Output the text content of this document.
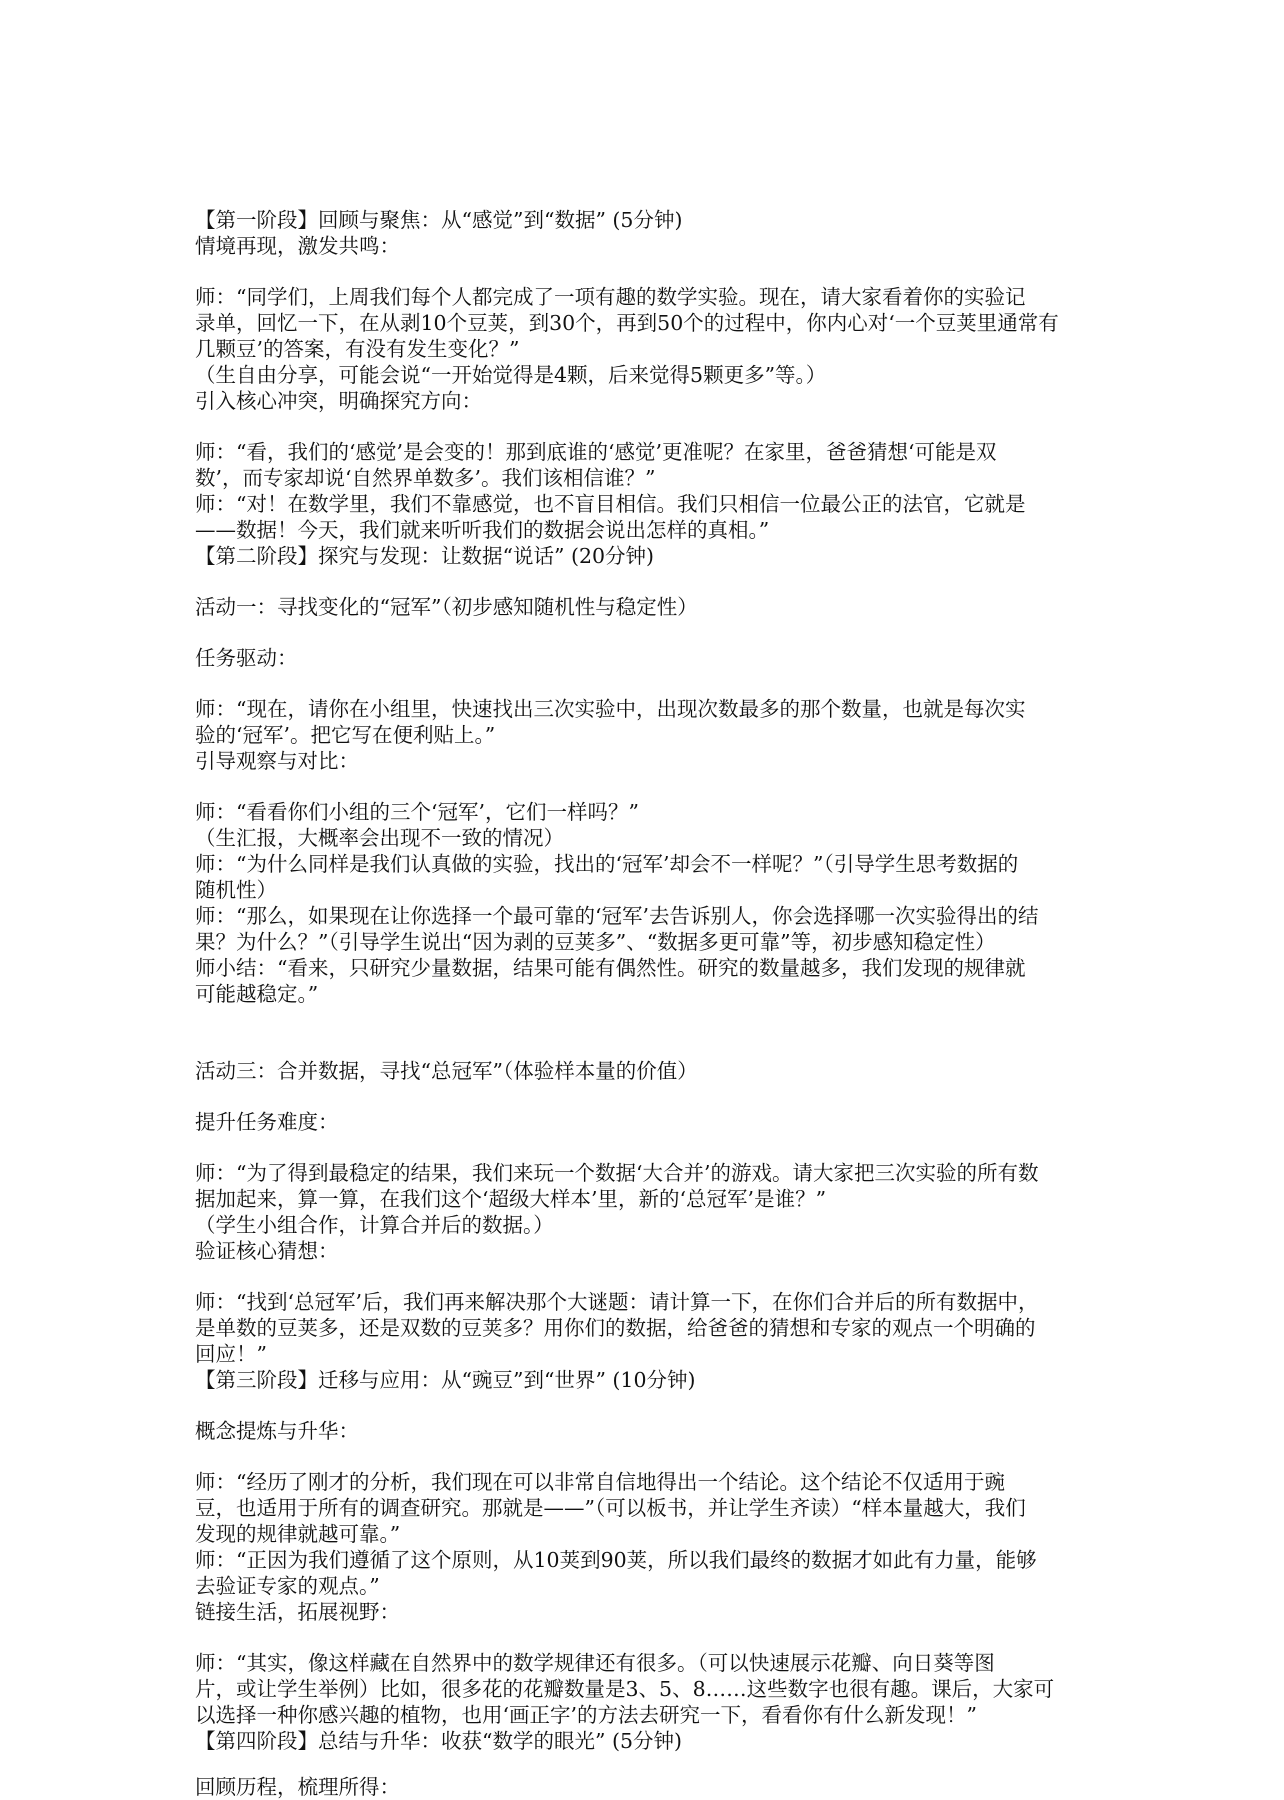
【第一阶段】回顾与聚焦：从“感觉”到“数据” (5分钟)
情境再现，激发共鸣：
师：“同学们，上周我们每个人都完成了一项有趣的数学实验。现在，请大家看着你的实验记
录单，回忆一下，在从剥10个豆荚，到30个，再到50个的过程中，你内心对‘一个豆荚里通常有
几颗豆’的答案，有没有发生变化？”
（生自由分享，可能会说“一开始觉得是4颗，后来觉得5颗更多”等。）
引入核心冲突，明确探究方向：
师：“看，我们的‘感觉’是会变的！那到底谁的‘感觉’更准呢？在家里，爸爸猜想‘可能是双
数’，而专家却说‘自然界单数多’。我们该相信谁？”
师：“对！在数学里，我们不靠感觉，也不盲目相信。我们只相信一位最公正的法官，它就是
——数据！今天，我们就来听听我们的数据会说出怎样的真相。”
【第二阶段】探究与发现：让数据“说话” (20分钟)
活动一：寻找变化的“冠军”（初步感知随机性与稳定性）
任务驱动：
师：“现在，请你在小组里，快速找出三次实验中，出现次数最多的那个数量，也就是每次实
验的‘冠军’。把它写在便利贴上。”
引导观察与对比：
师：“看看你们小组的三个‘冠军’，它们一样吗？”
（生汇报，大概率会出现不一致的情况）
师：“为什么同样是我们认真做的实验，找出的‘冠军’却会不一样呢？”（引导学生思考数据的
随机性）
师：“那么，如果现在让你选择一个最可靠的‘冠军’去告诉别人，你会选择哪一次实验得出的结
果？为什么？”（引导学生说出“因为剥的豆荚多”、“数据多更可靠”等，初步感知稳定性）
师小结：“看来，只研究少量数据，结果可能有偶然性。研究的数量越多，我们发现的规律就
可能越稳定。”
活动三：合并数据，寻找“总冠军”（体验样本量的价值）
提升任务难度：
师：“为了得到最稳定的结果，我们来玩一个数据‘大合并’的游戏。请大家把三次实验的所有数
据加起来，算一算，在我们这个‘超级大样本’里，新的‘总冠军’是谁？”
（学生小组合作，计算合并后的数据。）
验证核心猜想：
师：“找到‘总冠军’后，我们再来解决那个大谜题：请计算一下，在你们合并后的所有数据中，
是单数的豆荚多，还是双数的豆荚多？用你们的数据，给爸爸的猜想和专家的观点一个明确的
回应！”
【第三阶段】迁移与应用：从“豌豆”到“世界” (10分钟)
概念提炼与升华：
师：“经历了刚才的分析，我们现在可以非常自信地得出一个结论。这个结论不仅适用于豌
豆，也适用于所有的调查研究。那就是——”（可以板书，并让学生齐读）“样本量越大，我们
发现的规律就越可靠。”
师：“正因为我们遵循了这个原则，从10荚到90荚，所以我们最终的数据才如此有力量，能够
去验证专家的观点。”
链接生活，拓展视野：
师：“其实，像这样藏在自然界中的数学规律还有很多。（可以快速展示花瓣、向日葵等图
片，或让学生举例）比如，很多花的花瓣数量是3、5、8……这些数字也很有趣。课后，大家可
以选择一种你感兴趣的植物，也用‘画正字’的方法去研究一下，看看你有什么新发现！”
【第四阶段】总结与升华：收获“数学的眼光” (5分钟)
回顾历程，梳理所得：
